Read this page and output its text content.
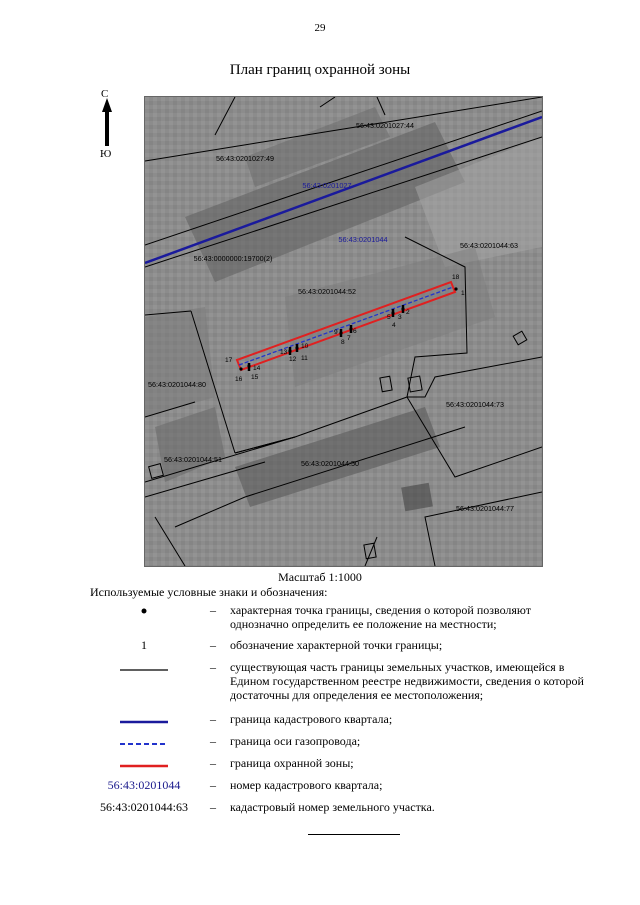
29
План границ охранной зоны
С
Ю
56:43:0201027:44
56:43:0201027:49
56:43:0000000:19700(2)
56:43:0201044:63
56:43:0201044:52
56:43:0201044:80
56:43:0201044:73
56:43:0201044:51	56:43:0201044:50
56:43:0201044:77
56:43:0201027
56:43:0201044
1
2
3
4
5
6
7
8
9
10
11
12
13
14
15
16
17
18
Масштаб 1:1000
Используемые условные знаки и обозначения:
–	характерная точка границы, сведения о которой позволяют однозначно определить ее положение на местности;
1	–	обозначение характерной точки границы;
–	существующая часть границы земельных участков, имеющейся в Едином государственном реестре недвижимости, сведения о которой достаточны для определения ее местоположения;
–	граница кадастрового квартала;
–	граница оси газопровода;
–	граница охранной зоны;
56:43:0201044	–	номер кадастрового квартала;
56:43:0201044:63	–	кадастровый номер земельного участка.
